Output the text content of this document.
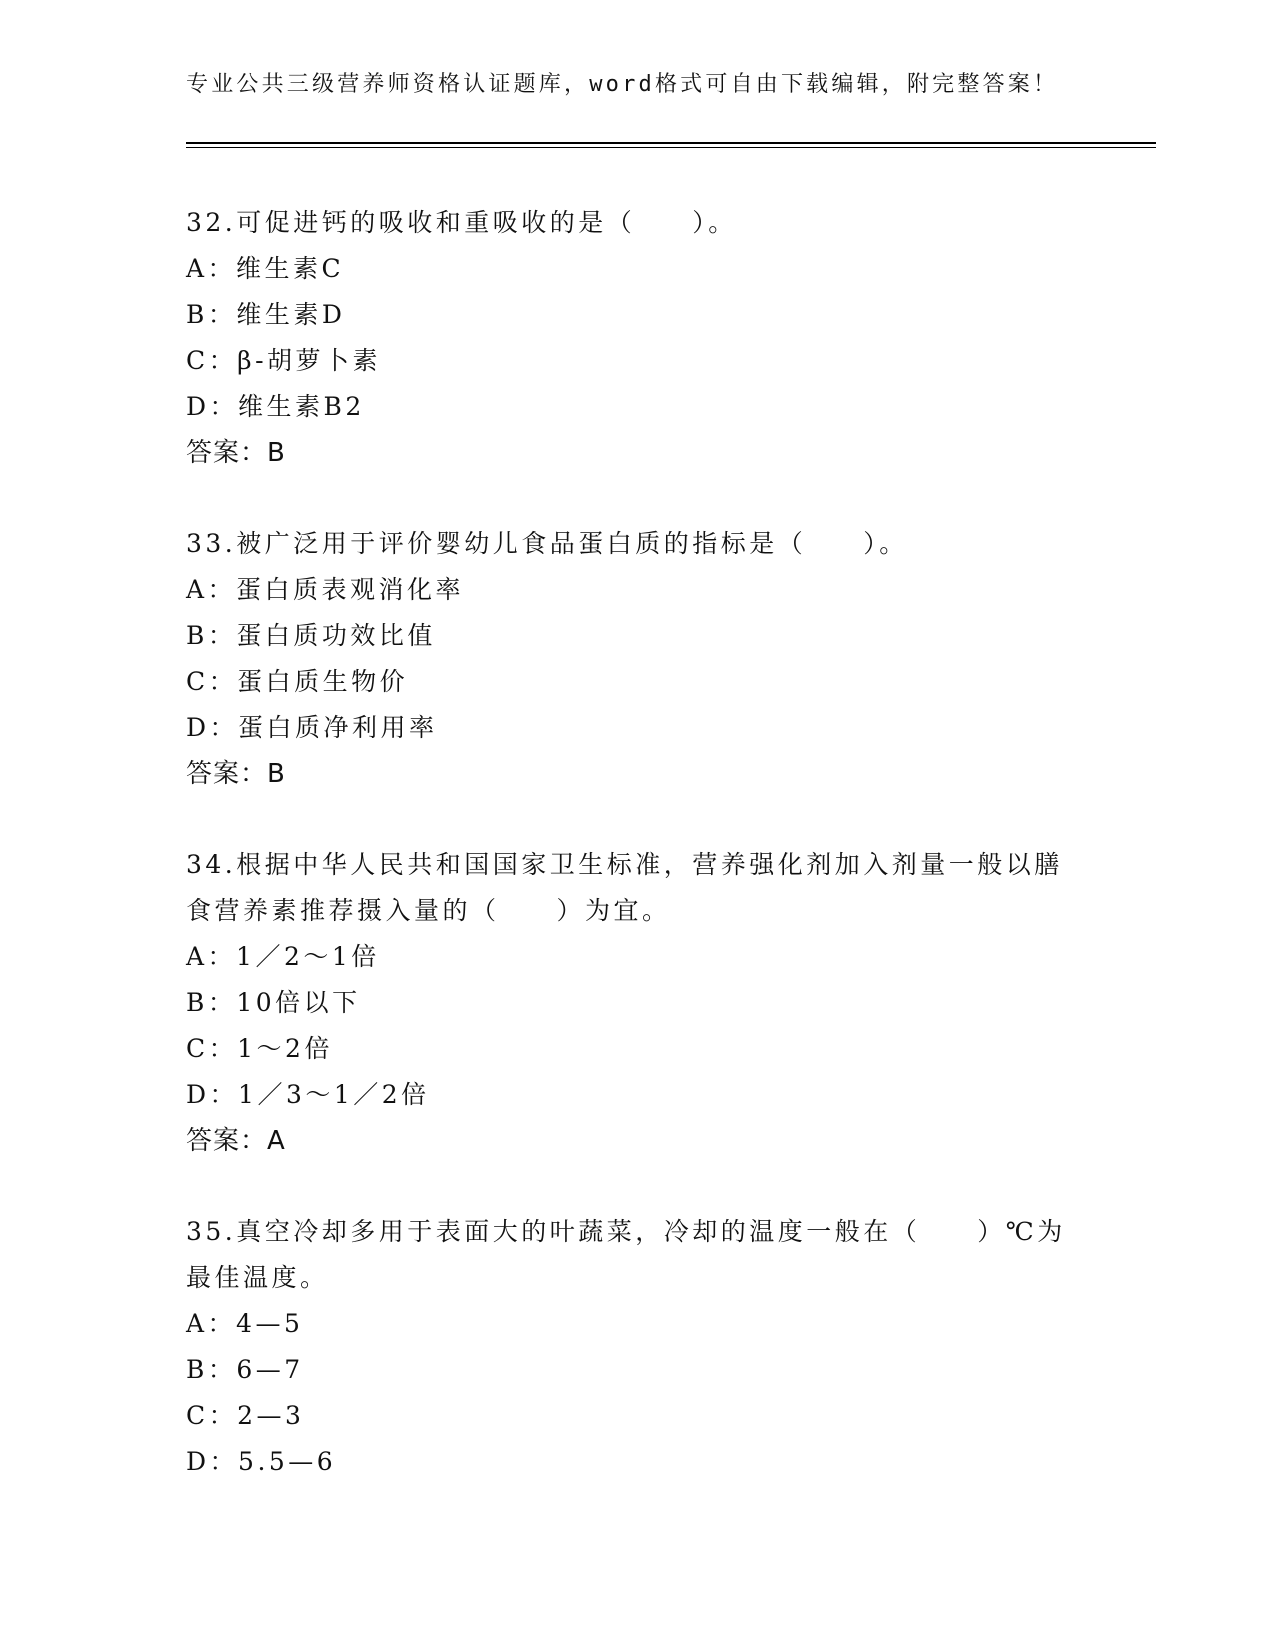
专业公共三级营养师资格认证题库，word格式可自由下载编辑，附完整答案！

32.可促进钙的吸收和重吸收的是（　　）。

A：维生素C

B：维生素D

C：β-胡萝卜素

D：维生素B2

答案：B

33.被广泛用于评价婴幼儿食品蛋白质的指标是（　　）。

A：蛋白质表观消化率

B：蛋白质功效比值

C：蛋白质生物价

D：蛋白质净利用率

答案：B

34.根据中华人民共和国国家卫生标准，营养强化剂加入剂量一般以膳食营养素推荐摄入量的（　　）为宜。

A：1／2～1倍

B：10倍以下

C：1～2倍

D：1／3～1／2倍

答案：A

35.真空冷却多用于表面大的叶蔬菜，冷却的温度一般在（　　）℃为最佳温度。

A：4—5

B：6—7

C：2—3

D：5.5—6
